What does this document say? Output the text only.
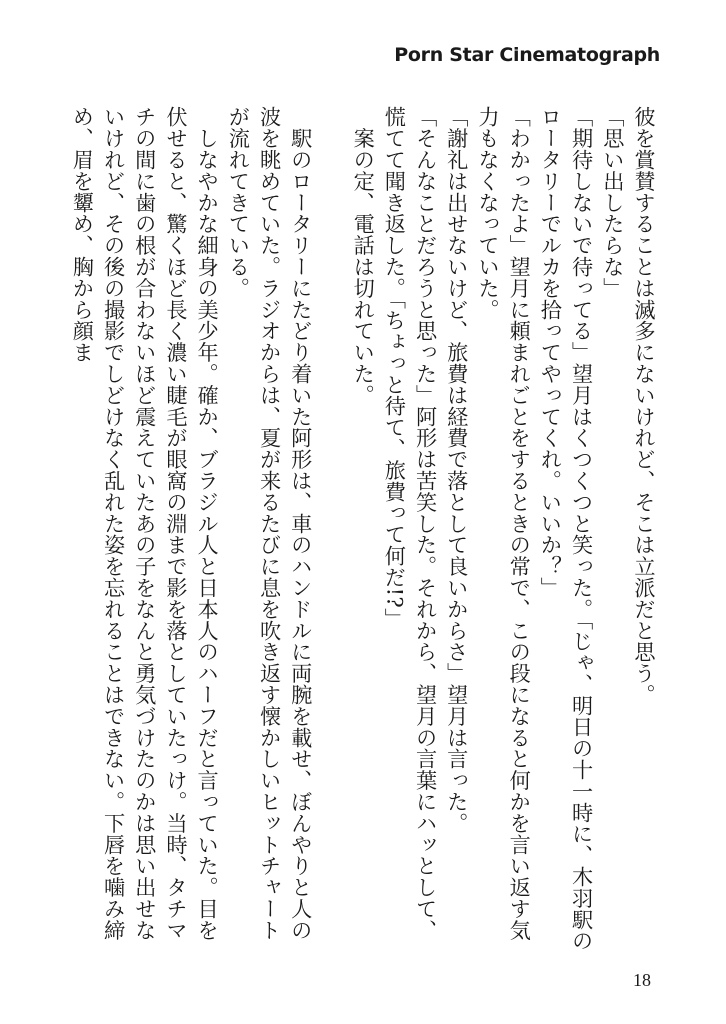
Porn Star Cinematograph

彼を賞賛することは滅多にないけれど、そこは立派だと思う。

「思い出したらな」

「期待しないで待ってる」望月はくつくつと笑った。「じゃ、明日の十一時に、木羽駅のロータリーでルカを拾ってやってくれ。いいか？」

「わかったよ」望月に頼まれごとをするときの常で、この段になると何かを言い返す気力もなくなっていた。

「謝礼は出せないけど、旅費は経費で落として良いからさ」望月は言った。

「そんなことだろうと思った」阿形は苦笑した。それから、望月の言葉にハッとして、慌てて聞き返した。「ちょっと待て、旅費って何だ!?」

　案の定、電話は切れていた。

　駅のロータリーにたどり着いた阿形は、車のハンドルに両腕を載せ、ぼんやりと人の波を眺めていた。ラジオからは、夏が来るたびに息を吹き返す懐かしいヒットチャートが流れてきている。

　しなやかな細身の美少年。確か、ブラジル人と日本人のハーフだと言っていた。目を伏せると、驚くほど長く濃い睫毛が眼窩の淵まで影を落としていたっけ。当時、タチマチの間に歯の根が合わないほど震えていたあの子をなんと勇気づけたのかは思い出せないけれど、その後の撮影でしどけなく乱れた姿を忘れることはできない。下唇を噛み締め、眉を顰め、胸から顔ま

18
